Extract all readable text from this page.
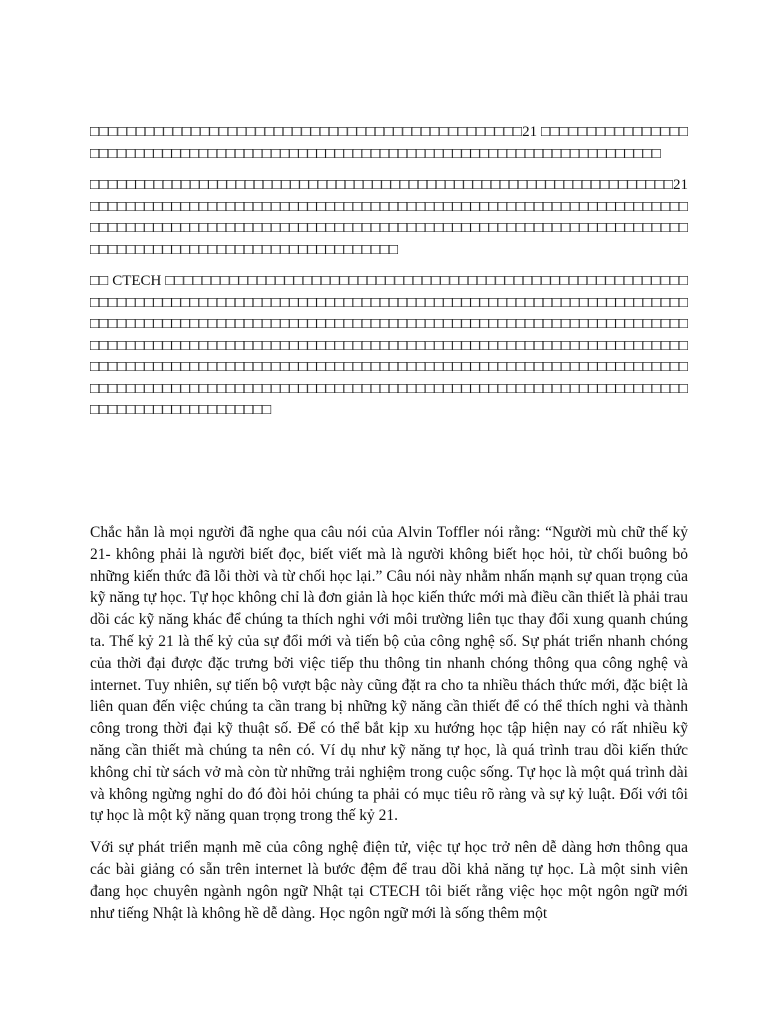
□□□□□□□□□□□□□□□□□□□□□□□□□□□□□□□□□□□□□□□□□□□□□□□21 □□□□□□□□□□□□□□□□□□□□□□□□□□□□□□□□□□□□□□□□□□□□□□□□□□□□□□□□□□□□□□□□□□□□□□□□□□□□□□□

□□□□□□□□□□□□□□□□□□□□□□□□□□□□□□□□□□□□□□□□□□□□□□□□□□□□□□□□□□□□□□□□21 □□□□□□□□□□□□□□□□□□□□□□□□□□□□□□□□□□□□□□□□□□□□□□□□□□□□□□□□□□□□□□□□□□□□□□□□□□□□□□□□□□□□□□□□□□□□□□□□□□□□□□□□□□□□□□□□□□□□□□□□□□□□□□□□□□□□□□□□□□□□□□□□□□□□□□□□□□□□□□□□□□□□□□

□□ CTECH □□□□□□□□□□□□□□□□□□□□□□□□□□□□□□□□□□□□□□□□□□□□□□□□□□□□□□□□□□□□□□□□□□□□□□□□□□□□□□□□□□□□□□□□□□□□□□□□□□□□□□□□□□□□□□□□□□□□□□□□□□□□□□□□□□□□□□□□□□□□□□□□□□□□□□□□□□□□□□□□□□□□□□□□□□□□□□□□□□□□□□□□□□□□□□□□□□□□□□□□□□□□□□□□□□□□□□□□□□□□□□□□□□□□□□□□□□□□□□□□□□□□□□□□□□□□□□□□□□□□□□□□□□□□□□□□□□□□□□□□□□□□□□□□□□□□□□□□□□□□□□□□□□□□□□□□□□□□□□□□□□□□□□□□□□□□□□□□□□□□□□□□□□□□□□□□□□□□□□□□□□□□□□□□□□□□□□□□□□□□□□□□□□□□□□□□□□□□□□□□□□□□□□□

Chắc hẳn là mọi người đã nghe qua câu nói của Alvin Toffler nói rằng: “Người mù chữ thế kỷ 21- không phải là người biết đọc, biết viết mà là người không biết học hỏi, từ chối buông bỏ những kiến thức đã lỗi thời và từ chối học lại.” Câu nói này nhằm nhấn mạnh sự quan trọng của kỹ năng tự học. Tự học không chỉ là đơn giản là học kiến thức mới mà điều cần thiết là phải trau dồi các kỹ năng khác để chúng ta thích nghi với môi trường liên tục thay đổi xung quanh chúng ta. Thế kỷ 21 là thế kỷ của sự đổi mới và tiến bộ của công nghệ số. Sự phát triển nhanh chóng của thời đại được đặc trưng bởi việc tiếp thu thông tin nhanh chóng thông qua công nghệ và internet. Tuy nhiên, sự tiến bộ vượt bậc này cũng đặt ra cho ta nhiều thách thức mới, đặc biệt là liên quan đến việc chúng ta cần trang bị những kỹ năng cần thiết để có thể thích nghi và thành công trong thời đại kỹ thuật số. Để có thể bắt kịp xu hướng học tập hiện nay có rất nhiều kỹ năng cần thiết mà chúng ta nên có. Ví dụ như kỹ năng tự học, là quá trình trau dồi kiến thức không chỉ từ sách vở mà còn từ những trải nghiệm trong cuộc sống. Tự học là một quá trình dài và không ngừng nghỉ do đó đòi hỏi chúng ta phải có mục tiêu rõ ràng và sự kỷ luật. Đối với tôi tự học là một kỹ năng quan trọng trong thế kỷ 21.

Với sự phát triển mạnh mẽ của công nghệ điện tử, việc tự học trở nên dễ dàng hơn thông qua các bài giảng có sẵn trên internet là bước đệm để trau dồi khả năng tự học. Là một sinh viên đang học chuyên ngành ngôn ngữ Nhật tại CTECH tôi biết rằng việc học một ngôn ngữ mới như tiếng Nhật là không hề dễ dàng. Học ngôn ngữ mới là sống thêm một
